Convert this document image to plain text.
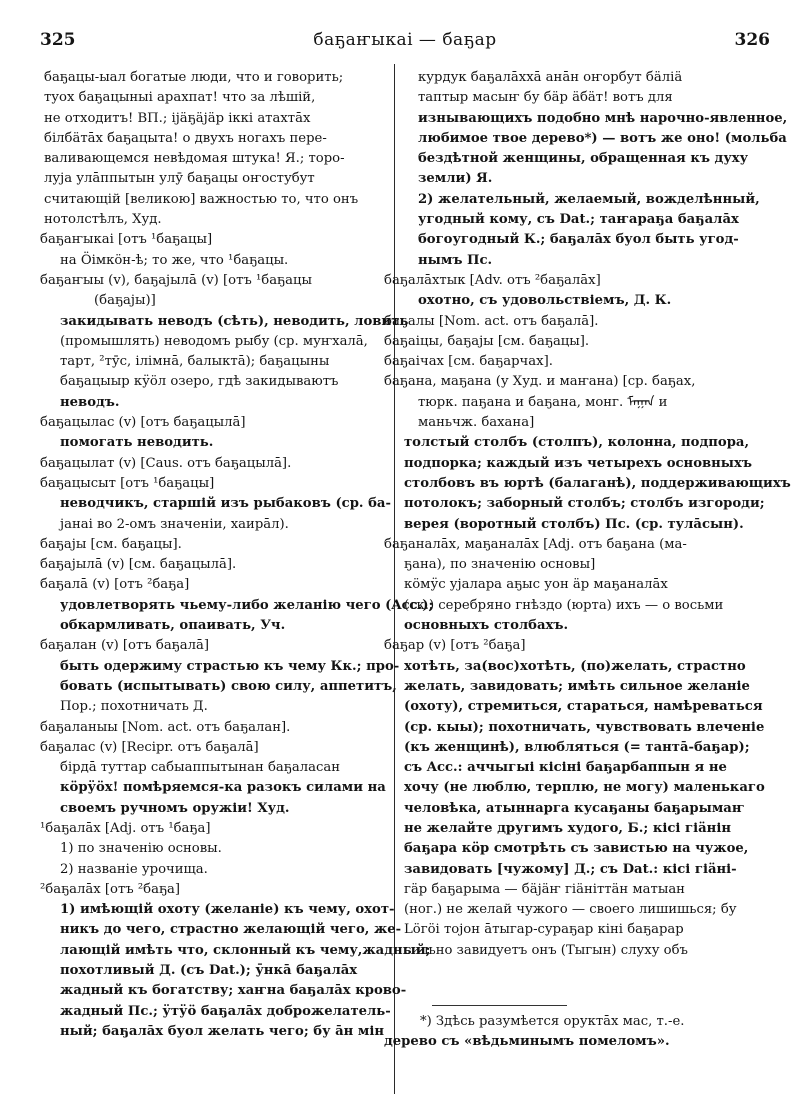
325	баҕаҥыкаі — баҕар	326
баҕацы-ыал богатые люди, что и говорить;
туох баҕацыныі арахпат! что за лѣшій,
не отходитъ! ВП.; іјäҕäјäр іккі атахтāх
білбäтāх баҕацыта! о двухъ ногахъ пере-
валивающемся невѣдомая штука! Я.; торо-
луја улāппытын улӯ баҕацы оҥостубут
считающій [великою] важностью то, что онъ
нотолстѣлъ, Худ.
баҕаҥыкаі [отъ ¹баҕацы]
на Öімкöн-ѣ; то же, что ¹баҕацы.
баҕаҥыы (v), баҕајылā (v) [отъ ¹баҕацы
(баҕајы)]
закидывать неводъ (сѣть), неводить, ловить
(промышлять) неводомъ рыбу (ср. муҥхалā,
тарт, ²тӯс, ілімнā, балыктā); баҕацыны
баҕацыыр кӱöл озеро, гдѣ закидываютъ
неводъ.
баҕацылас (v) [отъ баҕацылā]
помогать неводить.
баҕацылат (v) [Caus. отъ баҕацылā].
баҕацысыт [отъ ¹баҕацы]
неводчикъ, старшій изъ рыбаковъ (ср. ба-
јанаі во 2-омъ значеніи, хаирāл).
баҕајы [см. баҕацы].
баҕајылā (v) [см. баҕацылā].
баҕалā (v) [отъ ²баҕа]
удовлетворять чьему-либо желанію чего (Acc.);
обкармливать, опаивать, Уч.
баҕалан (v) [отъ баҕалā]
быть одержиму страстью къ чему Кк.; про-
бовать (испытывать) свою силу, аппетитъ,
Пор.; похотничать Д.
баҕаланыы [Nom. act. отъ баҕалан].
баҕалас (v) [Recipr. отъ баҕалā]
бірдā туттар сабыаппытынан баҕаласан
кöрӱöх! помѣряемся-ка разокъ силами на
своемъ ручномъ оружіи! Худ.
¹баҕалāх [Adj. отъ ¹баҕа]
1) по значенію основы.
2) названіе урочища.
²баҕалāх [отъ ²баҕа]
1) имѣющій охоту (желаніе) къ чему, охот-
никъ до чего, страстно желающій чего, же-
лающій имѣть что, склонный къ чему,жадный;
похотливый Д. (съ Dat.); ӯнкā баҕалāх
жадный къ богатству; хаҥна баҕалāх крово-
жадный Пс.; ӱтӱö баҕалāх доброжелатель-
ный; баҕалāх буол желать чего; бу āн мін
курдук баҕалāххā анāн оҥорбут бäліä
таптыр масыҥ бу бäр äбäт! вотъ для
изнывающихъ подобно мнѣ нарочно-явленное,
любимое твое дерево*) — вотъ же оно! (мольба
бездѣтной женщины, обращенная къ духу
земли) Я.
2) желательный, желаемый, вожделѣнный,
угодный кому, съ Dat.; таҥараҕа баҕалāх
богоугодный К.; баҕалāх буол быть угод-
нымъ Пс.
баҕалāхтык [Adv. отъ ²баҕалāх]
охотно, съ удовольствіемъ, Д. К.
баҕалы [Nom. act. отъ баҕалā].
баҕаіцы, баҕајы [см. баҕацы].
баҕаічах [см. баҕарчах].
баҕана, маҕана (у Худ. и маҥана) [ср. баҕах,
тюрк. паҕана и баҕана, монг. ᠮᠠᠭᠠᠨ и
маньчж. бахана]
толстый столбъ (столпъ), колонна, подпора,
подпорка; каждый изъ четырехъ основныхъ
столбовъ въ юртѣ (балаганѣ), поддерживающихъ
потолокъ; заборный столбъ; столбъ изгороди;
верея (воротный столбъ) Пс. (ср. тулāсын).
баҕаналāх, маҕаналāх [Adj. отъ баҕана (ма-
ҕана), по значенію основы]
кöмӱс ујалара аҕыс уон äр маҕаналāх
(ск.) серебряно гнѣздо (юрта) ихъ — о восьми
основныхъ столбахъ.
баҕар (v) [отъ ²баҕа]
хотѣть, за(вос)хотѣть, (по)желать, страстно
желать, завидовать; имѣть сильное желаніе
(охоту), стремиться, стараться, намѣреваться
(ср. кыы); похотничать, чувствовать влеченіе
(къ женщинѣ), влюбляться (= тантā-баҕар);
съ Acc.: аччыгыі кісіні баҕарбаппын я не
хочу (не люблю, терплю, не могу) маленькаго
человѣка, атыннарга кусаҕаны баҕарымаҥ
не желайте другимъ худого, Б.; кісі гіäнін
баҕара кöр смотрѣть съ завистью на чужое,
завидовать [чужому] Д.; съ Dat.: кісі гіäні-
гäр баҕарыма — бäјäҥ гіäніттäн матыан
(ног.) не желай чужого — своего лишишься; бу
Löгöі тојон āтыгар-сураҕар кіні баҕарар
сильно завидуетъ онъ (Тыгын) слуху объ
*) Здѣсь разумѣется оруктāх мас, т.-е.
дерево съ «вѣдьминымъ помеломъ».
